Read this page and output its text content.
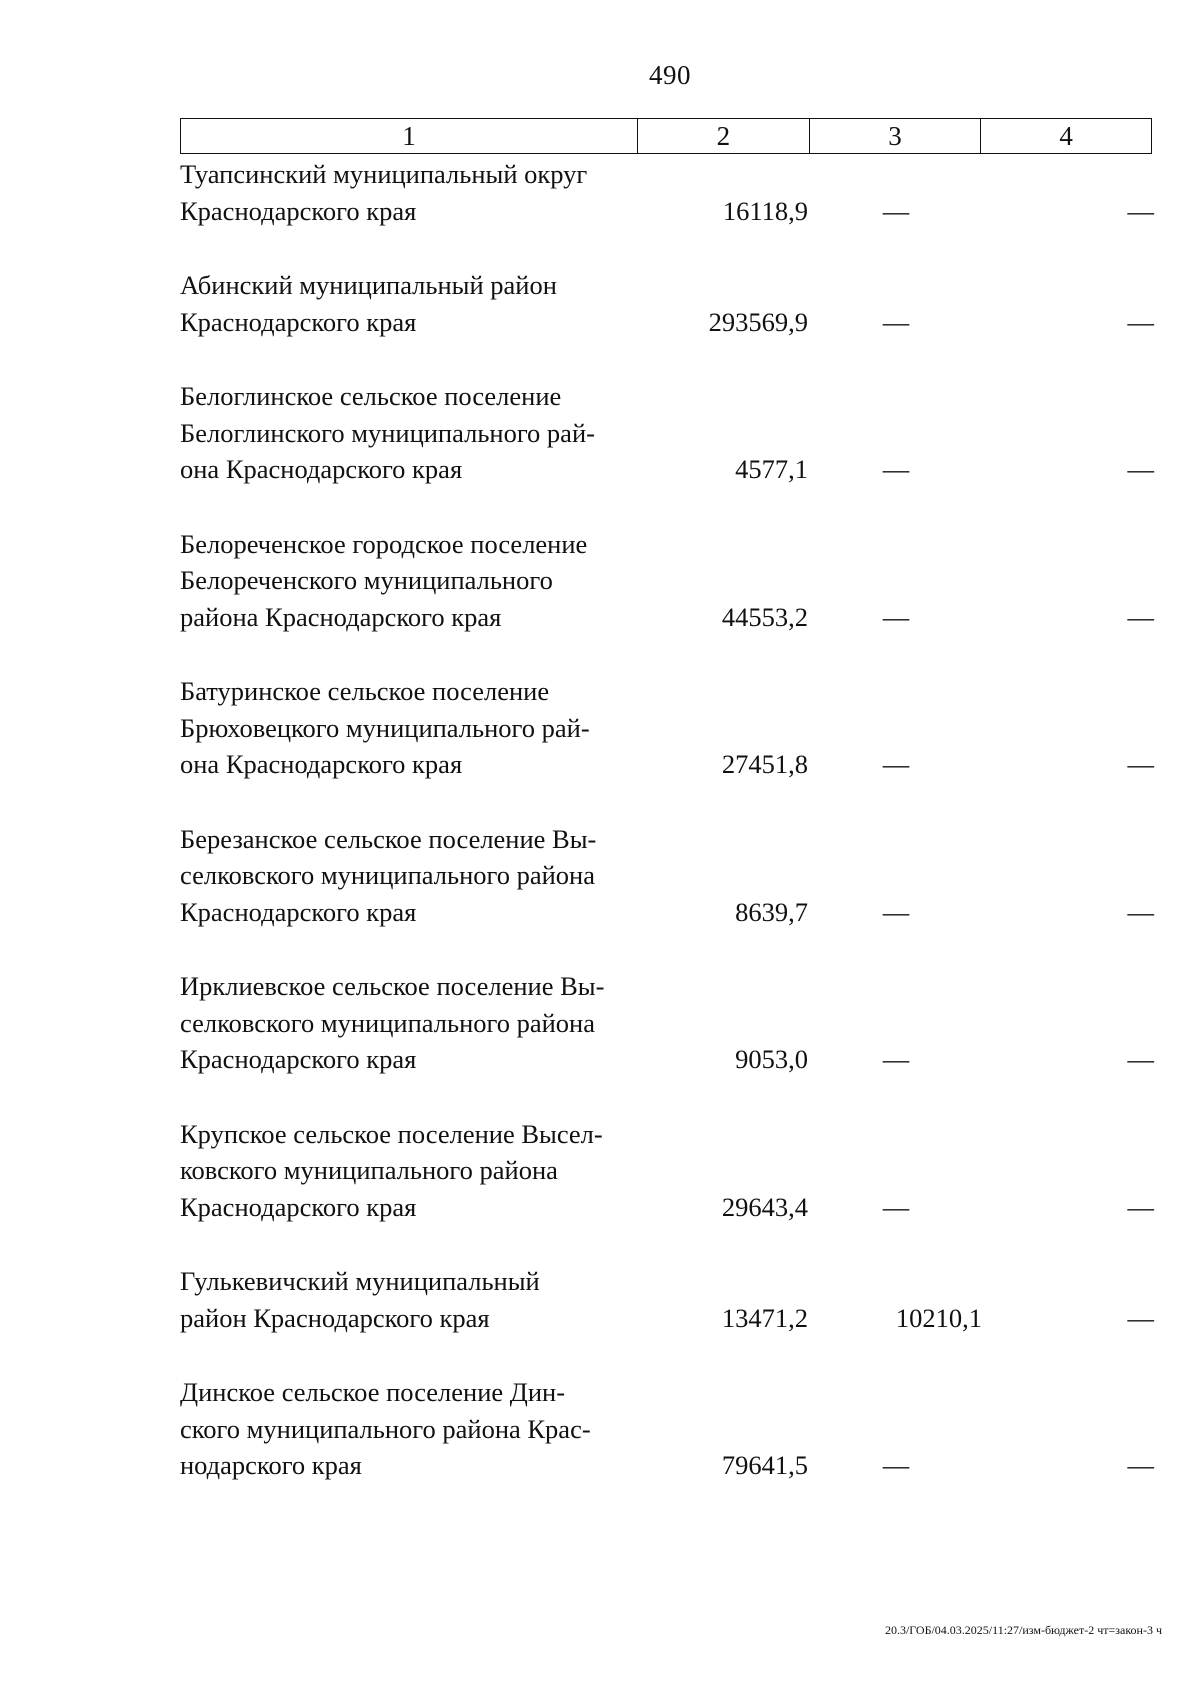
490
1	2	3	4
Туапсинский муниципальный округ
Краснодарского края	16118,9	—	—
Абинский муниципальный район
Краснодарского края	293569,9	—	—
Белоглинское сельское поселение
Белоглинского муниципального рай-
она Краснодарского края	4577,1	—	—
Белореченское городское поселение
Белореченского муниципального
района Краснодарского края	44553,2	—	—
Батуринское сельское поселение
Брюховецкого муниципального рай-
она Краснодарского края	27451,8	—	—
Березанское сельское поселение Вы-
селковского муниципального района
Краснодарского края	8639,7	—	—
Ирклиевское сельское поселение Вы-
селковского муниципального района
Краснодарского края	9053,0	—	—
Крупское сельское поселение Высел-
ковского муниципального района
Краснодарского края	29643,4	—	—
Гулькевичский муниципальный
район Краснодарского края	13471,2	10210,1	—
Динское сельское поселение Дин-
ского муниципального района Крас-
нодарского края	79641,5	—	—
20.3/ГОБ/04.03.2025/11:27/изм-бюджет-2 чт=закон-3 ч
